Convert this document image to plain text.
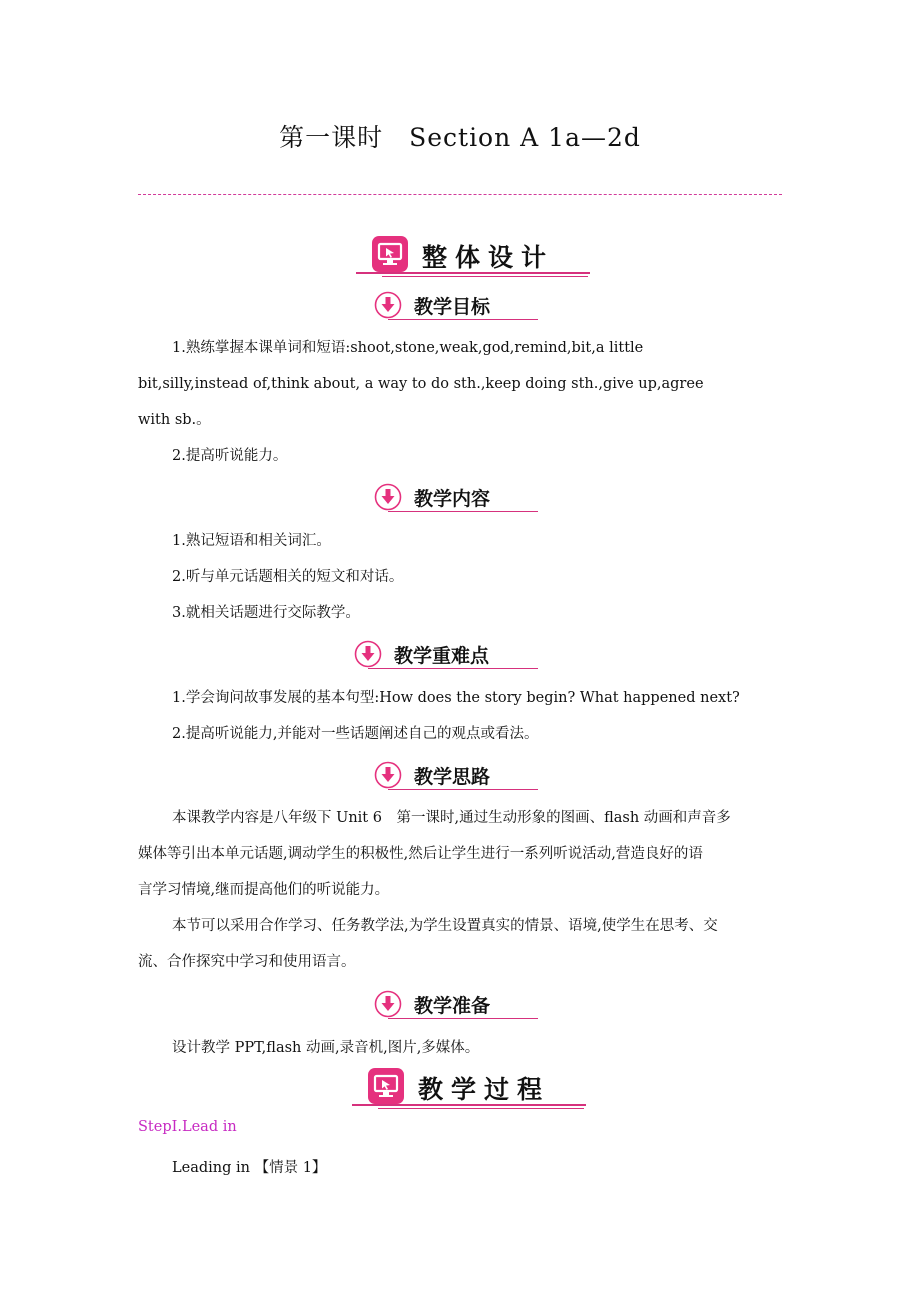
第一课时　Section A 1a—2d
整体设计
教学目标

1.熟练掌握本课单词和短语:shoot,stone,weak,god,remind,bit,a little

bit,silly,instead of,think about, a way to do sth.,keep doing sth.,give up,agree

with sb.。

2.提高听说能力。

教学内容

1.熟记短语和相关词汇。

2.听与单元话题相关的短文和对话。

3.就相关话题进行交际教学。

教学重难点

1.学会询问故事发展的基本句型:How does the story begin? What happened next?

2.提高听说能力,并能对一些话题阐述自己的观点或看法。

教学思路

本课教学内容是八年级下 Unit 6　第一课时,通过生动形象的图画、flash 动画和声音多

媒体等引出本单元话题,调动学生的积极性,然后让学生进行一系列听说活动,营造良好的语

言学习情境,继而提高他们的听说能力。

本节可以采用合作学习、任务教学法,为学生设置真实的情景、语境,使学生在思考、交

流、合作探究中学习和使用语言。

教学准备

设计教学 PPT,flash 动画,录音机,图片,多媒体。

教学过程

StepⅠ.Lead in

Leading in 【情景 1】
